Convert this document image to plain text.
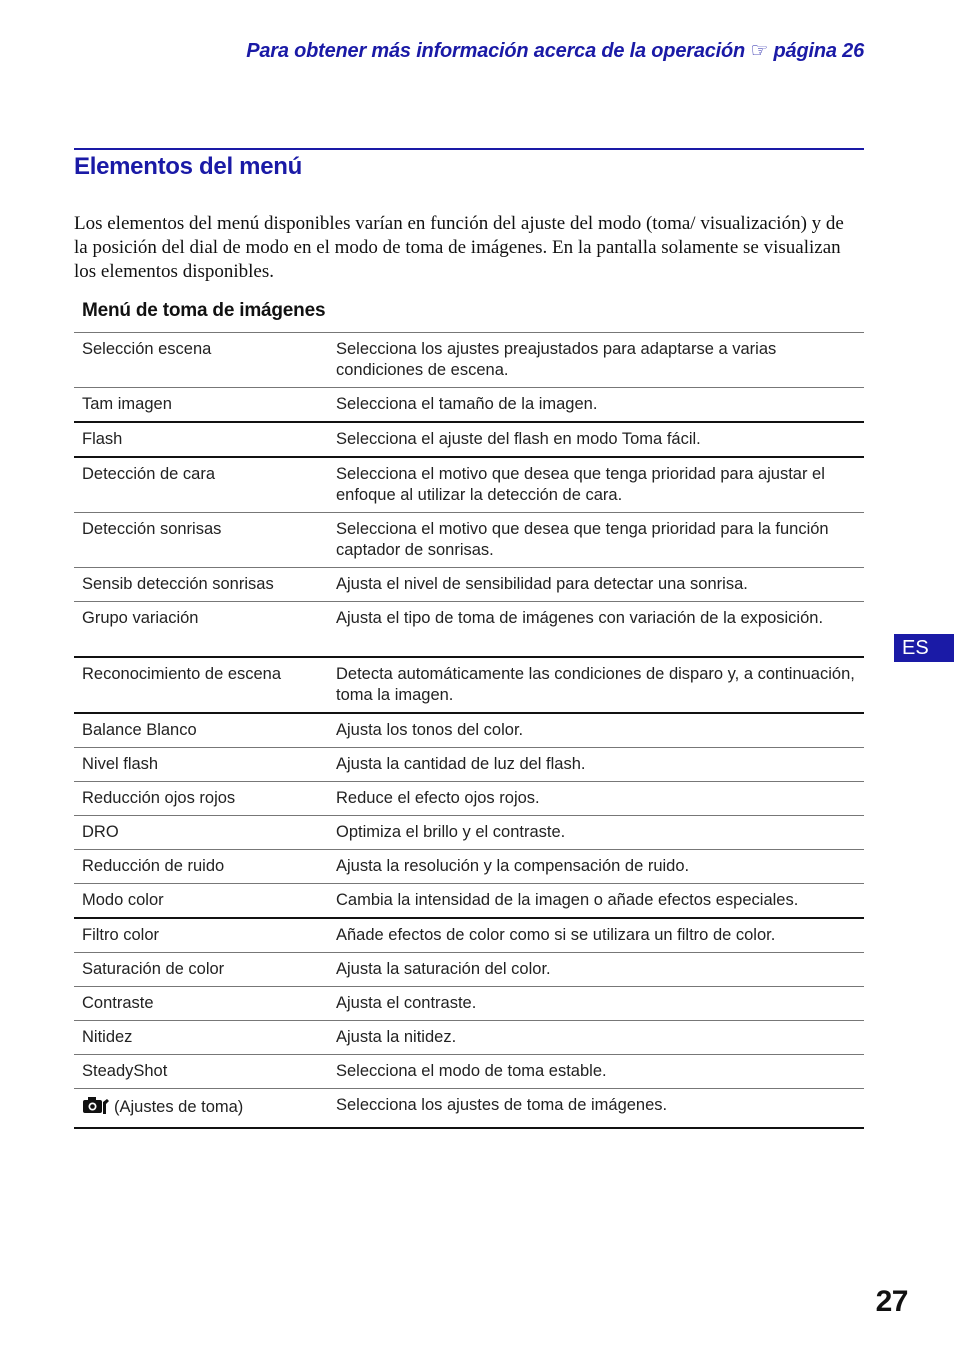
Para obtener más información acerca de la operación ☞ página 26
Elementos del menú

Los elementos del menú disponibles varían en función del ajuste del modo (toma/ visualización) y de la posición del dial de modo en el modo de toma de imágenes. En la pantalla solamente se visualizan los elementos disponibles.

Menú de toma de imágenes
Selección escena	Selecciona los ajustes preajustados para adaptarse a varias condiciones de escena.
Tam imagen	Selecciona el tamaño de la imagen.
Flash	Selecciona el ajuste del flash en modo Toma fácil.
Detección de cara	Selecciona el motivo que desea que tenga prioridad para ajustar el enfoque al utilizar la detección de cara.
Detección sonrisas	Selecciona el motivo que desea que tenga prioridad para la función captador de sonrisas.
Sensib detección sonrisas	Ajusta el nivel de sensibilidad para detectar una sonrisa.
Grupo variación	Ajusta el tipo de toma de imágenes con variación de la exposición.
Reconocimiento de escena	Detecta automáticamente las condiciones de disparo y, a continuación, toma la imagen.
Balance Blanco	Ajusta los tonos del color.
Nivel flash	Ajusta la cantidad de luz del flash.
Reducción ojos rojos	Reduce el efecto ojos rojos.
DRO	Optimiza el brillo y el contraste.
Reducción de ruido	Ajusta la resolución y la compensación de ruido.
Modo color	Cambia la intensidad de la imagen o añade efectos especiales.
Filtro color	Añade efectos de color como si se utilizara un filtro de color.
Saturación de color	Ajusta la saturación del color.
Contraste	Ajusta el contraste.
Nitidez	Ajusta la nitidez.
SteadyShot	Selecciona el modo de toma estable.
(Ajustes de toma)	Selecciona los ajustes de toma de imágenes.
ES
27
